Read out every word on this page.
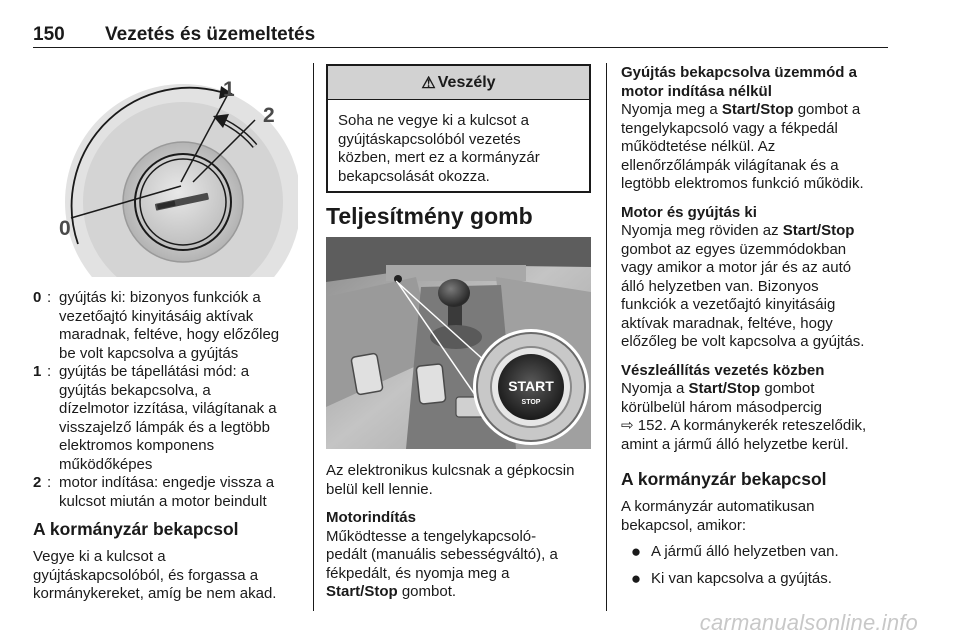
150 Vezetés és üzemeltetés
0
1
2
0 : gyújtás ki: bizonyos funkciók a
vezetőajtó kinyitásáig aktívak
maradnak, feltéve, hogy előzőleg
be volt kapcsolva a gyújtás
1 : gyújtás be tápellátási mód: a
gyújtás bekapcsolva, a
dízelmotor izzítása, világítanak a
visszajelző lámpák és a legtöbb
elektromos komponens
működőképes
2 : motor indítása: engedje vissza a
kulcsot miután a motor beindult
A kormányzár bekapcsol
Vegye ki a kulcsot a
gyújtáskapcsolóból, és forgassa a
kormánykereket, amíg be nem akad.
⚠ Veszély
Soha ne vegye ki a kulcsot a
gyújtáskapcsolóból vezetés
közben, mert ez a kormányzár
bekapcsolását okozza.
Teljesítmény gomb
START
STOP
Az elektronikus kulcsnak a gépkocsin
belül kell lennie.
Motorindítás
Működtesse a tengelykapcsoló-
pedált (manuális sebességváltó), a
fékpedált, és nyomja meg a
Start/Stop gombot.
Gyújtás bekapcsolva üzemmód a
motor indítása nélkül
Nyomja meg a Start/Stop gombot a
tengelykapcsoló vagy a fékpedál
működtetése nélkül. Az
ellenőrzőlámpák világítanak és a
legtöbb elektromos funkció működik.
Motor és gyújtás ki
Nyomja meg röviden az Start/Stop
gombot az egyes üzemmódokban
vagy amikor a motor jár és az autó
álló helyzetben van. Bizonyos
funkciók a vezetőajtó kinyitásáig
aktívak maradnak, feltéve, hogy
előzőleg be volt kapcsolva a gyújtás.
Vészleállítás vezetés közben
Nyomja a Start/Stop gombot
körülbelül három másodpercig
⇨ 152. A kormánykerék reteszelődik,
amint a jármű álló helyzetbe kerül.
A kormányzár bekapcsol
A kormányzár automatikusan
bekapcsol, amikor:
● A jármű álló helyzetben van.
● Ki van kapcsolva a gyújtás.
carmanualsonline.info
